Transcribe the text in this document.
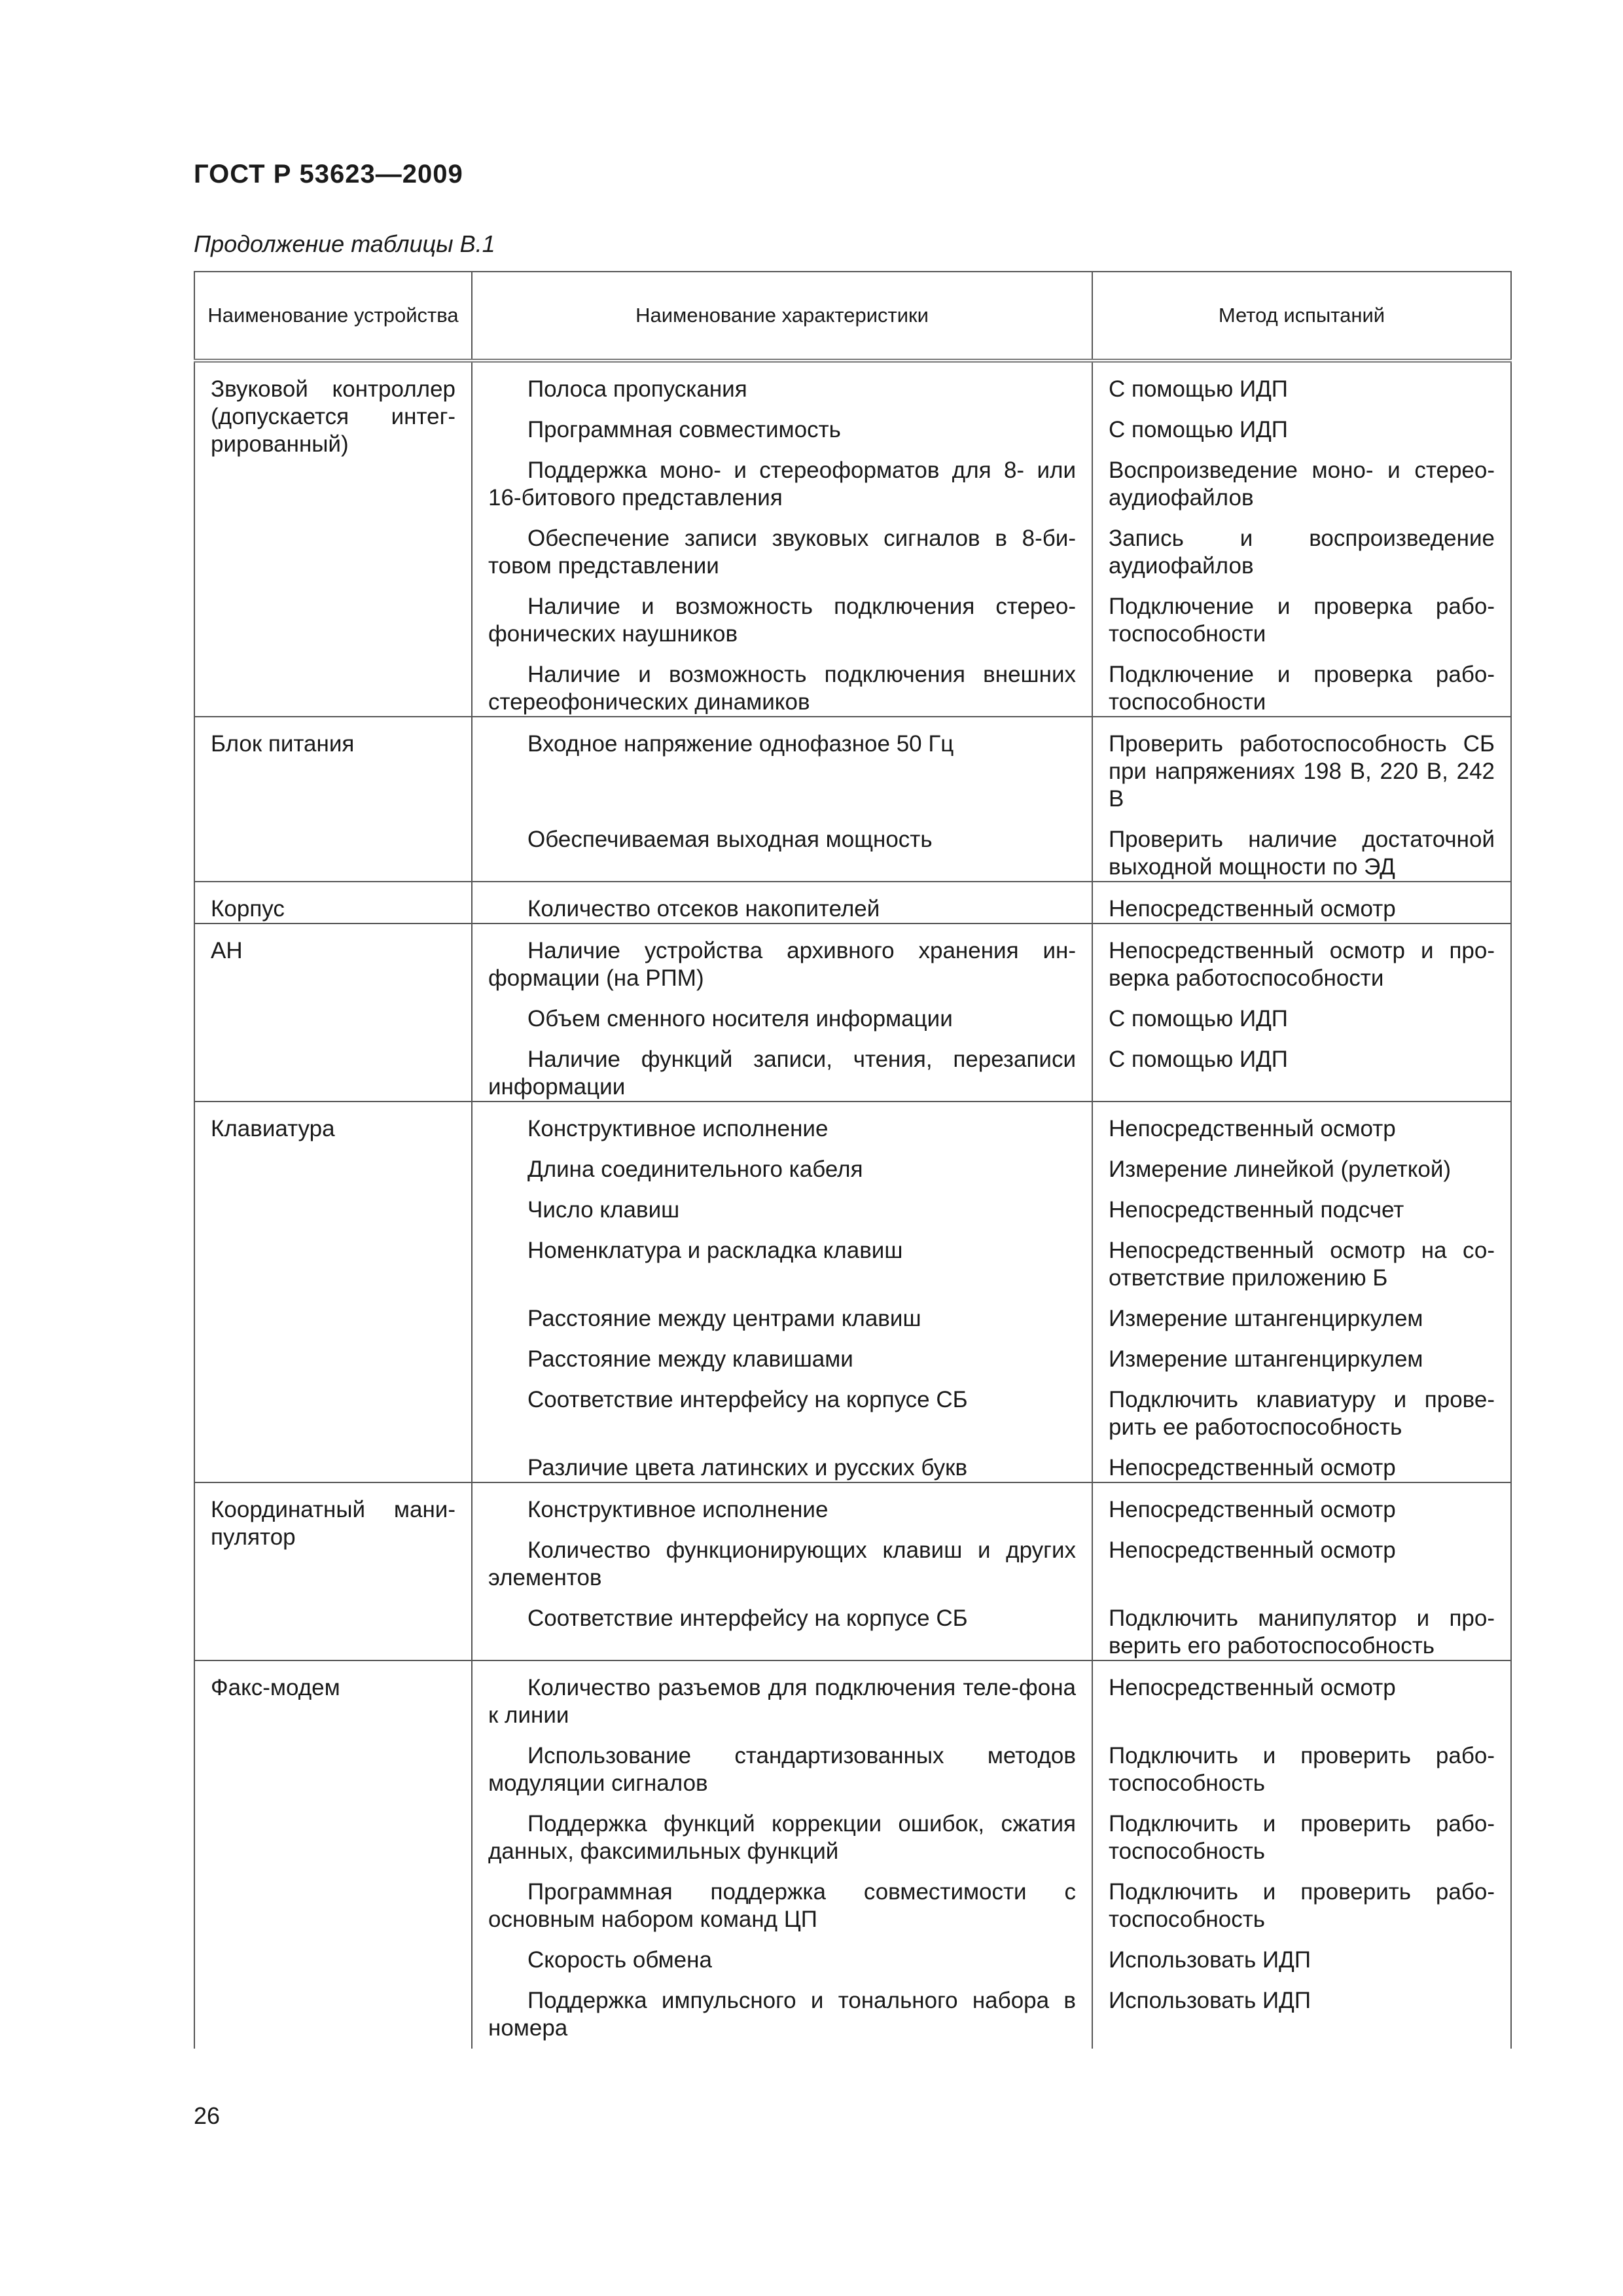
ГОСТ Р 53623—2009
Продолжение таблицы В.1
Наименование устройства	Наименование характеристики	Метод испытаний
Звуковой контроллер (допускается интег-рированный)	Полоса пропускания	С помощью ИДП
	Программная совместимость	С помощью ИДП
	Поддержка моно- и стереоформатов для 8- или 16-битового представления	Воспроизведение моно- и стерео-аудиофайлов
	Обеспечение записи звуковых сигналов в 8-би-товом представлении	Запись и воспроизведение аудиофайлов
	Наличие и возможность подключения стерео-фонических наушников	Подключение и проверка рабо-тоспособности
	Наличие и возможность подключения внешних стереофонических динамиков	Подключение и проверка рабо-тоспособности
Блок питания	Входное напряжение однофазное 50 Гц	Проверить работоспособность СБ при напряжениях 198 В, 220 В, 242 В
	Обеспечиваемая выходная мощность	Проверить наличие достаточной выходной мощности по ЭД
Корпус	Количество отсеков накопителей	Непосредственный осмотр
АН	Наличие устройства архивного хранения ин-формации (на РПМ)	Непосредственный осмотр и про-верка работоспособности
	Объем сменного носителя информации	С помощью ИДП
	Наличие функций записи, чтения, перезаписи информации	С помощью ИДП
Клавиатура	Конструктивное исполнение	Непосредственный осмотр
	Длина соединительного кабеля	Измерение линейкой (рулеткой)
	Число клавиш	Непосредственный подсчет
	Номенклатура и раскладка клавиш	Непосредственный осмотр на со-ответствие приложению Б
	Расстояние между центрами клавиш	Измерение штангенциркулем
	Расстояние между клавишами	Измерение штангенциркулем
	Соответствие интерфейсу на корпусе СБ	Подключить клавиатуру и прове-рить ее работоспособность
	Различие цвета латинских и русских букв	Непосредственный осмотр
Координатный мани-пулятор	Конструктивное исполнение	Непосредственный осмотр
	Количество функционирующих клавиш и других элементов	Непосредственный осмотр
	Соответствие интерфейсу на корпусе СБ	Подключить манипулятор и про-верить его работоспособность
Факс-модем	Количество разъемов для подключения теле-фона к линии	Непосредственный осмотр
	Использование стандартизованных методов модуляции сигналов	Подключить и проверить рабо-тоспособность
	Поддержка функций коррекции ошибок, сжатия данных, факсимильных функций	Подключить и проверить рабо-тоспособность
	Программная поддержка совместимости с основным набором команд ЦП	Подключить и проверить рабо-тоспособность
	Скорость обмена	Использовать ИДП
	Поддержка импульсного и тонального набора в номера	Использовать ИДП
26
